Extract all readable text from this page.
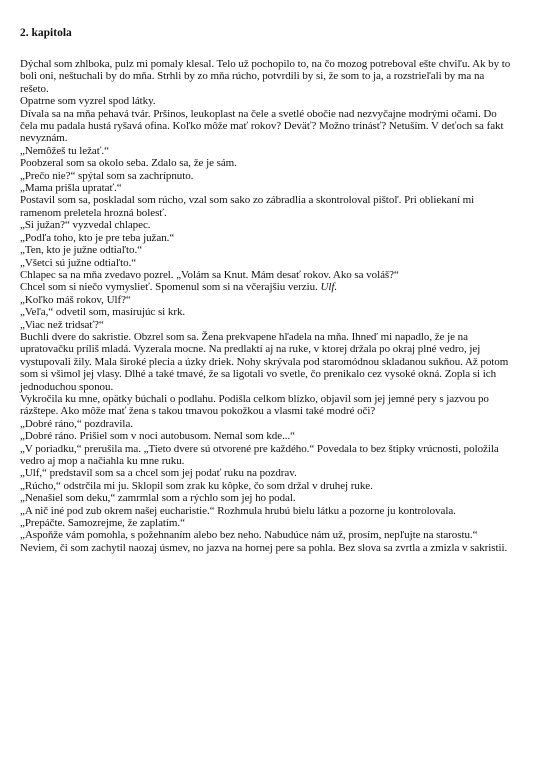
2. kapitola

Dýchal som zhlboka, pulz mi pomaly klesal. Telo už pochopilo to, na čo mozog potreboval ešte chviľu. Ak by to boli oni, neštuchali by do mňa. Strhli by zo mňa rúcho, potvrdili by si, že som to ja, a rozstrieľali by ma na rešeto.

Opatrne som vyzrel spod látky.

Dívala sa na mňa pehavá tvár. Pršinos, leukoplast na čele a svetlé obočie nad nezvyčajne modrými očami. Do čela mu padala hustá ryšavá ofina. Koľko môže mať rokov? Deväť? Možno trinásť? Netuším. V deťoch sa fakt nevyznám.

„Nemôžeš tu ležať.“

Poobzeral som sa okolo seba. Zdalo sa, že je sám.

„Prečo nie?“ spýtal som sa zachrípnuto.

„Mama prišla upratať.“

Postavil som sa, poskladal som rúcho, vzal som sako zo zábradlia a skontroloval pištoľ. Pri obliekaní mi ramenom preletela hrozná bolesť.

„Si južan?“ vyzvedal chlapec.

„Podľa toho, kto je pre teba južan.“

„Ten, kto je južne odtiaľto.“

„Všetci sú južne odtiaľto.“

Chlapec sa na mňa zvedavo pozrel. „Volám sa Knut. Mám desať rokov. Ako sa voláš?“

Chcel som si niečo vymyslieť. Spomenul som si na včerajšiu verziu. Ulf.

„Koľko máš rokov, Ulf?“

„Veľa,“ odvetil som, masírujúc si krk.

„Viac než tridsať?“

Buchli dvere do sakristie. Obzrel som sa. Žena prekvapene hľadela na mňa. Ihneď mi napadlo, že je na upratovačku príliš mladá. Vyzerala mocne. Na predlaktí aj na ruke, v ktorej držala po okraj plné vedro, jej vystupovali žily. Mala široké plecia a úzky driek. Nohy skrývala pod staromódnou skladanou sukňou. Až potom som si všimol jej vlasy. Dlhé a také tmavé, že sa ligotali vo svetle, čo prenikalo cez vysoké okná. Zopla si ich jednoduchou sponou.

Vykročila ku mne, opätky búchali o podlahu. Podišla celkom blízko, objavil som jej jemné pery s jazvou po rázštepe. Ako môže mať žena s takou tmavou pokožkou a vlasmi také modré oči?

„Dobré ráno,“ pozdravila.

„Dobré ráno. Prišiel som v noci autobusom. Nemal som kde...“

„V poriadku,“ prerušila ma. „Tieto dvere sú otvorené pre každého.“ Povedala to bez štipky vrúcnosti, položila vedro aj mop a načiahla ku mne ruku.

„Ulf,“ predstavil som sa a chcel som jej podať ruku na pozdrav.

„Rúcho,“ odstrčila mi ju. Sklopil som zrak ku kôpke, čo som držal v druhej ruke.

„Nenašiel som deku,“ zamrmlal som a rýchlo som jej ho podal.

„A nič iné pod zub okrem našej eucharistie.“ Rozhmula hrubú bielu látku a pozorne ju kontrolovala.

„Prepáčte. Samozrejme, že zaplatím.“

„Aspoňže vám pomohla, s požehnaním alebo bez neho. Nabudúce nám už, prosím, nepľujte na starostu.“

Neviem, či som zachytil naozaj úsmev, no jazva na hornej pere sa pohla. Bez slova sa zvrtla a zmizla v sakristii.
